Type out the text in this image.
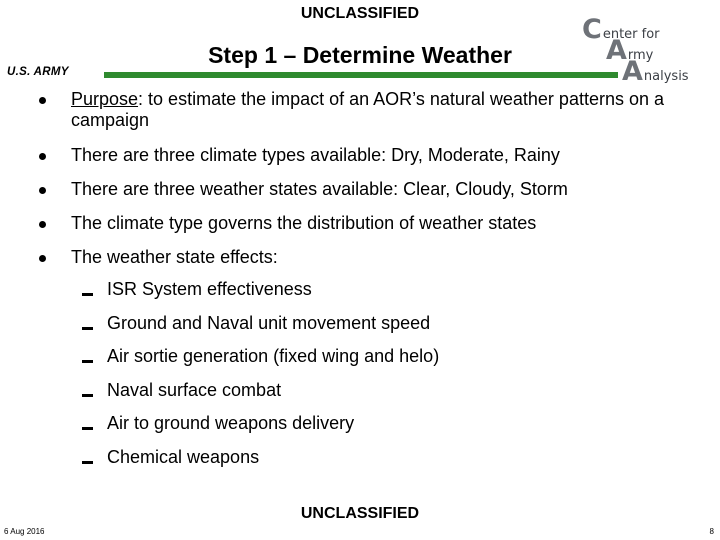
UNCLASSIFIED
U.S. ARMY
Step 1 – Determine Weather
Center for
Army
Analysis
Purpose: to estimate the impact of an AOR’s natural weather patterns on a campaign
There are three climate types available: Dry, Moderate, Rainy
There are three weather states available: Clear, Cloudy, Storm
The climate type governs the distribution of weather states
The weather state effects:
ISR System effectiveness
Ground and Naval unit movement speed
Air sortie generation (fixed wing and helo)
Naval surface combat
Air to ground weapons delivery
Chemical weapons
UNCLASSIFIED
6 Aug 2016	8
